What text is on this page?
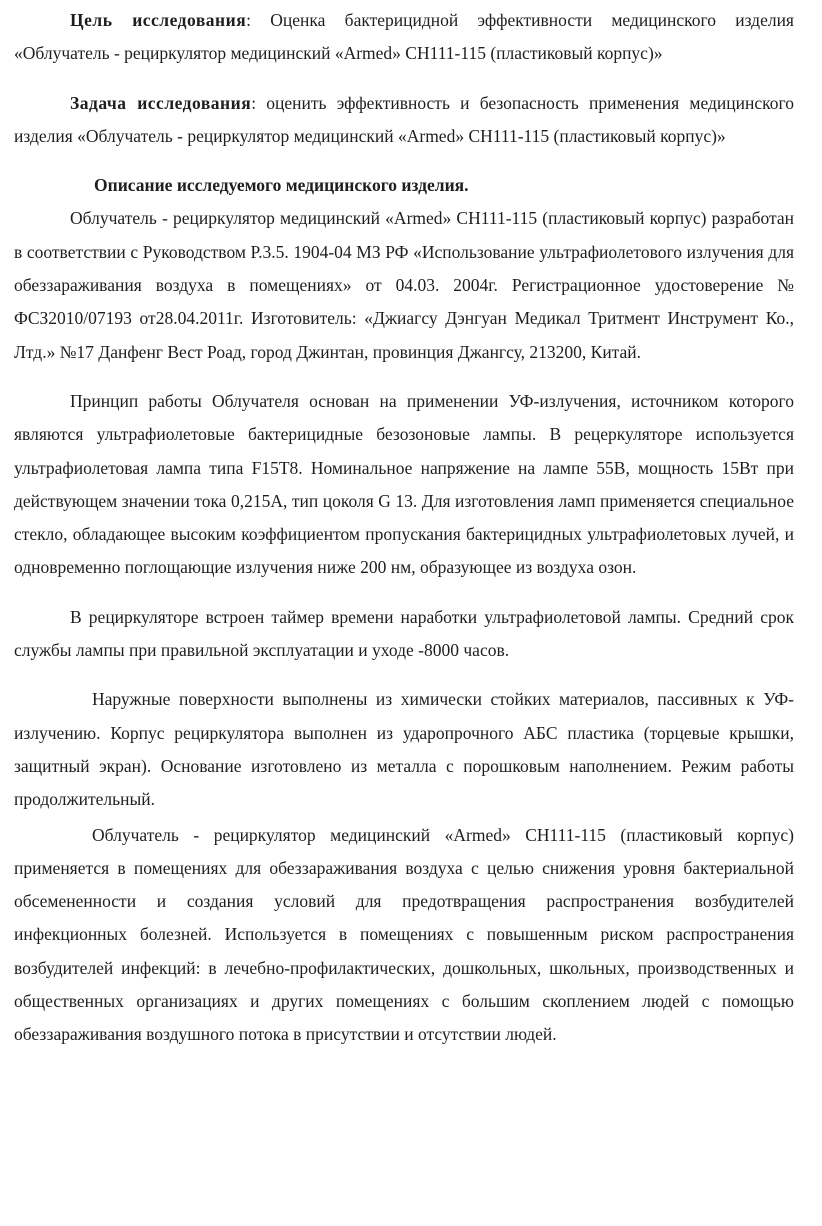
Цель исследования: Оценка бактерицидной эффективности медицинского изделия «Облучатель - рециркулятор медицинский «Armed» СН111-115 (пластиковый корпус)»

Задача исследования: оценить эффективность и безопасность применения медицинского изделия «Облучатель - рециркулятор медицинский «Armed» СН111-115 (пластиковый корпус)»

Описание исследуемого медицинского изделия.

Облучатель - рециркулятор медицинский «Armed» СН111-115 (пластиковый корпус) разработан в соответствии с Руководством Р.3.5. 1904-04 МЗ РФ «Использование ультрафиолетового излучения для обеззараживания воздуха в помещениях» от 04.03. 2004г. Регистрационное удостоверение № ФСЗ2010/07193 от28.04.2011г. Изготовитель: «Джиагсу Дэнгуан Медикал Тритмент Инструмент Ко., Лтд.» №17 Данфенг Вест Роад, город Джинтан, провинция Джангсу, 213200, Китай.

Принцип работы Облучателя основан на применении УФ-излучения, источником которого являются ультрафиолетовые бактерицидные безозоновые лампы. В рецеркуляторе используется ультрафиолетовая лампа типа F15T8. Номинальное напряжение на лампе 55В, мощность 15Вт при действующем значении тока 0,215А, тип цоколя G 13. Для изготовления ламп применяется специальное стекло, обладающее высоким коэффициентом пропускания бактерицидных ультрафиолетовых лучей, и одновременно поглощающие излучения ниже 200 нм, образующее из воздуха озон.

В рециркуляторе встроен таймер времени наработки ультрафиолетовой лампы. Средний срок службы лампы при правильной эксплуатации и уходе -8000 часов.

Наружные поверхности выполнены из химически стойких материалов, пассивных к УФ-излучению. Корпус рециркулятора выполнен из ударопрочного АБС пластика (торцевые крышки, защитный экран). Основание изготовлено из металла с порошковым наполнением. Режим работы продолжительный.

Облучатель - рециркулятор медицинский «Armed» СН111-115 (пластиковый корпус) применяется в помещениях для обеззараживания воздуха с целью снижения уровня бактериальной обсемененности и создания условий для предотвращения распространения возбудителей инфекционных болезней. Используется в помещениях с повышенным риском распространения возбудителей инфекций: в лечебно-профилактических, дошкольных, школьных, производственных и общественных организациях и других помещениях с большим скоплением людей с помощью обеззараживания воздушного потока в присутствии и отсутствии людей.
